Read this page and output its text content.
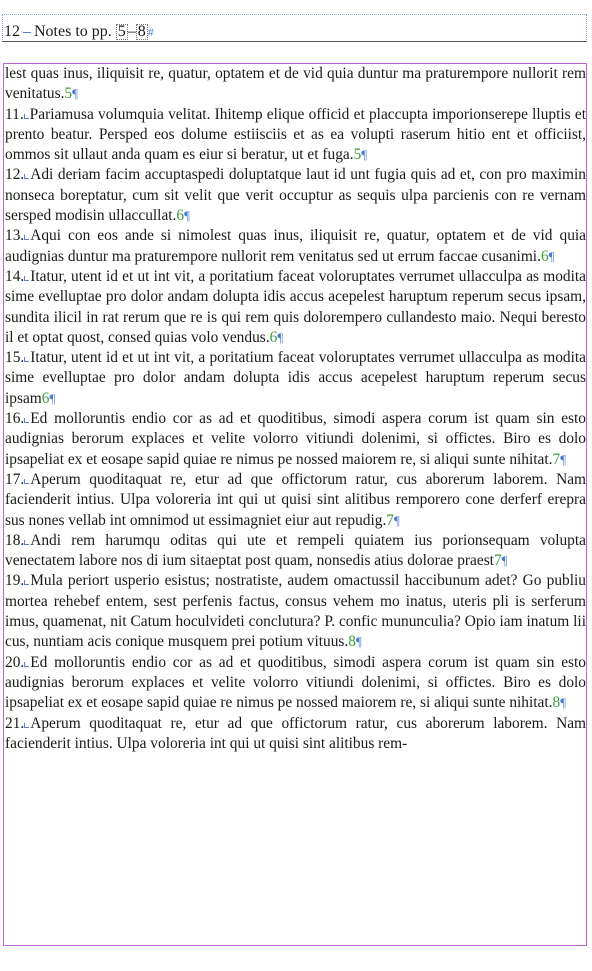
12 Notes to pp. 5 – 8 #

lest quas inus, iliquisit re, quatur, optatem et de vid quia duntur ma praturempore nullorit rem venitatus.5¶

11. Pariamusa volumquia velitat. Ihitemp elique officid et placcupta imporionserepe lluptis et prento beatur. Persped eos dolume estiisciis et as ea volupti raserum hitio ent et officiist, ommos sit ullaut anda quam es eiur si beratur, ut et fuga.5¶

12. Adi deriam facim accuptaspedi doluptatque laut id unt fugia quis ad et, con pro maximin nonseca boreptatur, cum sit velit que verit occuptur as sequis ulpa parcienis con re vernam sersped modisin ullaccullat.6¶

13. Aqui con eos ande si nimolest quas inus, iliquisit re, quatur, optatem et de vid quia audignias duntur ma praturempore nullorit rem venitatus sed ut errum faccae cusanimi.6¶

14. Itatur, utent id et ut int vit, a poritatium faceat voloruptates verrumet ullacculpa as modita sime evelluptae pro dolor andam dolupta idis accus acepelest haruptum reperum secus ipsam, sundita ilicil in rat rerum que re is qui rem quis dolorempero cullandesto maio. Nequi beresto il et optat quost, consed quias volo vendus.6¶

15. Itatur, utent id et ut int vit, a poritatium faceat voloruptates verrumet ullacculpa as modita sime evelluptae pro dolor andam dolupta idis accus acepelest haruptum reperum secus ipsam6¶

16. Ed molloruntis endio cor as ad et quoditibus, simodi aspera corum ist quam sin esto audignias berorum explaces et velite volorro vitiundi dolenimi, si offictes. Biro es dolo ipsapeliat ex et eosape sapid quiae re nimus pe nossed maiorem re, si aliqui sunte nihitat.7¶

17. Aperum quoditaquat re, etur ad que offictorum ratur, cus aborerum laborem. Nam facienderit intius. Ulpa voloreria int qui ut quisi sint alitibus remporero cone derferf erepra sus nones vellab int omnimod ut essimagniet eiur aut repudig.7¶

18. Andi rem harumqu oditas qui ute et rempeli quiatem ius porionsequam volupta venectatem labore nos di ium sitaeptat post quam, nonsedis atius dolorae praest7¶

19. Mula periort usperio esistus; nostratiste, audem omactussil haccibunum adet? Go publiu mortea rehebef entem, sest perfenis factus, consus vehem mo inatus, uteris pli is serferum imus, quamenat, nit Catum hoculvideti conclutura? P. confic mununculia? Opio iam inatum lii cus, nuntiam acis conique musquem prei potium vituus.8¶

20. Ed molloruntis endio cor as ad et quoditibus, simodi aspera corum ist quam sin esto audignias berorum explaces et velite volorro vitiundi dolenimi, si offictes. Biro es dolo ipsapeliat ex et eosape sapid quiae re nimus pe nossed maiorem re, si aliqui sunte nihitat.8¶

21. Aperum quoditaquat re, etur ad que offictorum ratur, cus aborerum laborem. Nam facienderit intius. Ulpa voloreria int qui ut quisi sint alitibus rem-
